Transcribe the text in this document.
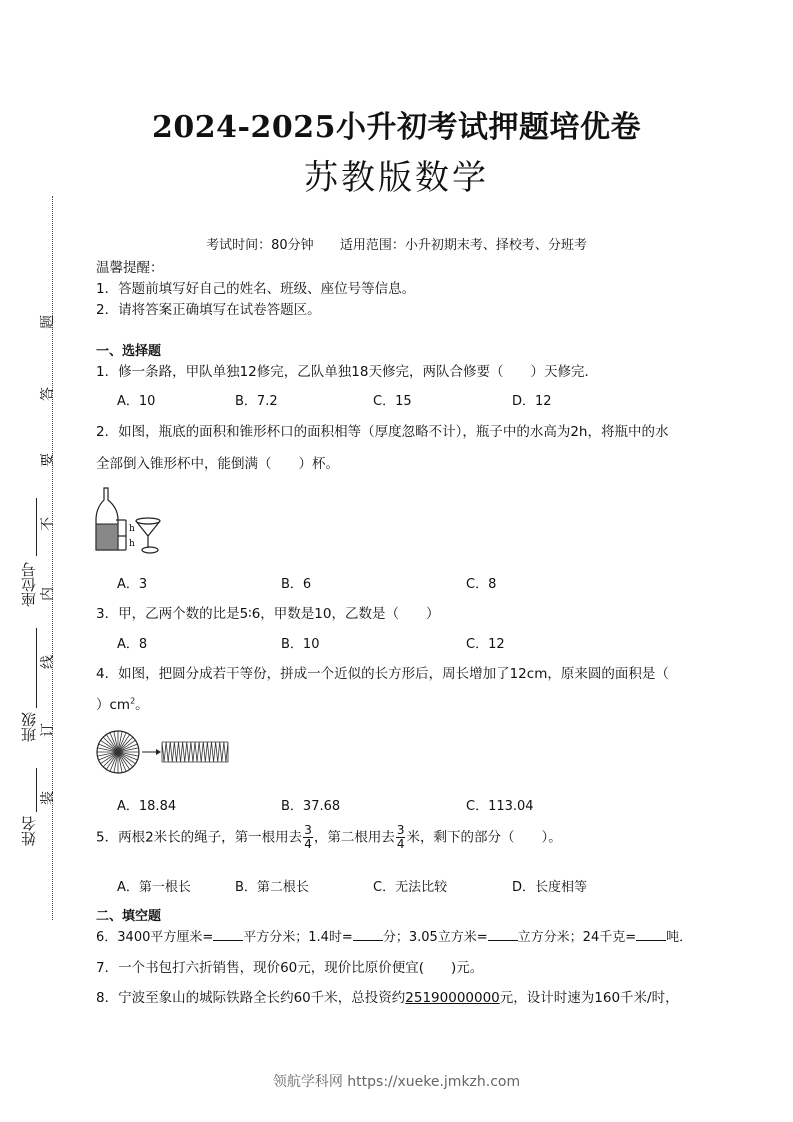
姓名
班级
座位号
题
答
要
不
内
线
订
装
2024-2025小升初考试押题培优卷
苏教版数学
考试时间：80分钟 适用范围：小升初期末考、择校考、分班考
温馨提醒：
1．答题前填写好自己的姓名、班级、座位号等信息。
2．请将答案正确填写在试卷答题区。
一、选择题
1．修一条路，甲队单独12修完，乙队单独18天修完，两队合修要（　　）天修完．
A．10	B．7.2	C．15	D．12
2．如图，瓶底的面积和锥形杯口的面积相等（厚度忽略不计），瓶子中的水高为2h，将瓶中的水
全部倒入锥形杯中，能倒满（　　）杯。
h
h
A．3	B．6	C．8
3．甲，乙两个数的比是5∶6，甲数是10，乙数是（　　）
A．8	B．10	C．12
4．如图，把圆分成若干等份，拼成一个近似的长方形后，周长增加了12cm，原来圆的面积是（
）$cm^2$。
A．18.84	B．37.68	C．113.04
5．两根2米长的绳子，第一根用去 $\frac{3}{4}$ ，第二根用去 $\frac{3}{4}$ 米，剩下的部分（　　）。
A．第一根长	B．第二根长	C．无法比较	D．长度相等
二、填空题
6．3400平方厘米= 平方分米；1.4时= 分；3.05立方米= 立方分米；24千克= 吨．
7．一个书包打六折销售，现价60元，现价比原价便宜(　　)元。
8．宁波至象山的城际铁路全长约60千米，总投资约25190000000元，设计时速为160千米/时，
领航学科网 https://xueke.jmkzh.com
